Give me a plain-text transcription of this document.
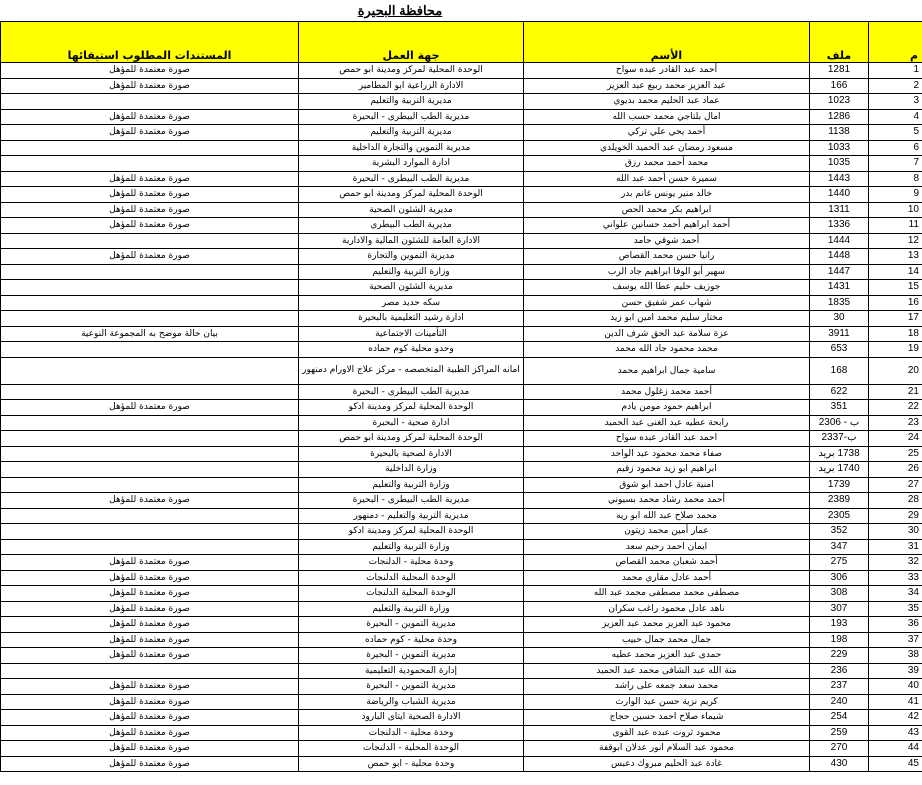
محافظة البحيرة
م	ملف	الأسم	جهة العمل	المستندات المطلوب استيفائها
1	1281	أحمد عبد القادر عبده سواح	الوحدة المحلية لمركز ومدينة ابو حمص	صورة معتمدة للمؤهل
2	166	عبد العزيز محمد ربيع عبد العزيز	الادارة الزراعية ابو المطامير	صورة معتمدة للمؤهل
3	1023	عماد عبد الحليم محمد بديوي	مديرية التربية والتعليم	
4	1286	امال بلتاجي محمد حسب الله	مديرية الطب البيطرى - البحيرة	صورة معتمدة للمؤهل
5	1138	أحمد يحي علي تركي	مديرية التربية والتعليم	صورة معتمدة للمؤهل
6	1033	مسعود رمضان عبد الحميد الخويلدي	مديرية التموين والتجارة الداخلية	
7	1035	محمد أحمد محمد رزق	ادارة الموارد البشرية	
8	1443	سميرة حسن أحمد عبد الله	مديرية الطب البيطرى - البحيرة	صورة معتمدة للمؤهل
9	1440	خالد منير يونس غانم بدر	الوحدة المحلية لمركز ومدينة ابو حمص	صورة معتمدة للمؤهل
10	1311	ابراهيم بكر محمد الحص	مديرية الشئون الصحية	صورة معتمدة للمؤهل
11	1336	أحمد ابراهيم أحمد حسانين علواني	مديرية الطب البيطري	صورة معتمدة للمؤهل
12	1444	أحمد شوقي حامد	الادارة العامة للشئون المالية والادارية	
13	1448	رانيا حسن محمد القصاص	مديرية التموين والتجارة	صورة معتمدة للمؤهل
14	1447	سهير أبو الوفا ابراهيم جاد الرب	وزارة التربية والتعليم	
15	1431	جوزيف حليم عطا الله يوسف	مديرية الشئون الصحية	
16	1835	شهاب عمر شفيق حسن	سكه حديد مصر	
17	30	مختار سليم محمد امين ابو زيد	ادارة رشيد التعليمية بالبحيرة	
18	3911	عزة سلامة عبد الحق شرف الدين	التأمينات الاجتماعية	بيان حالة موضح به المجموعة النوعية
19	653	محمد محمود جاد الله محمد	وحدو محلية كوم حماده	
20	168	سامية جمال ابراهيم محمد	امانه المراكز الطبية المتخصصه - مركز علاج الاورام دمنهور	
21	622	أحمد محمد زغلول محمد	مديرية الطب البيطرى - البحيرة	
22	351	ابراهيم حمود مومن يادم	الوحدة المحلية لمركز ومدينة ادكو	صورة معتمدة للمؤهل
23	ب - 2306	رابحة عطيه عبد الغنى عبد الحميد	ادارة صحية - البحيرة	
24	ب-2337	احمد عبد القادر عبده سواح	الوحدة المحلية لمركز ومدينة ابو حمص	
25	1738 بريد	صفاء محمد محمود عبد الواحد	الادارة لصحية بالبحيرة	
26	1740 بريد	ابراهيم ابو زيد محمود زقيم	وزارة الداخلية	
27	1739	امنية عادل احمد ابو شوق	وزارة التربية والتعليم	
28	2389	أحمد محمد رشاد محمد بسيوني	مديرية الطب البيطرى - البحيرة	صورة معتمدة للمؤهل
29	2305	محمد صلاح عبد الله ابو ريه	مديرية التربية والتعليم - دمنهور	
30	352	عمار أمين محمد زيتون	الوحدة المحلية لمركز ومدينة ادكو	
31	347	ايمان احمد رحيم سعد	وزارة التربية والتعليم	
32	275	أحمد شعبان محمد القصاص	وحدة محلية - الدلنجات	صورة معتمدة للمؤهل
33	306	أحمد عادل مقاري محمد	الوحدة المحلية الدلنجات	صورة معتمدة للمؤهل
34	308	مصطفى محمد مصطفى محمد عبد الله	الوحدة المحلية الدلنجات	صورة معتمدة للمؤهل
35	307	ناهد عادل محمود راغب سكران	وزارة التربية والتعليم	صورة معتمدة للمؤهل
36	193	محمود عبد العزيز محمد عبد العزيز	مديرية التموين - البحيرة	صورة معتمدة للمؤهل
37	198	جمال محمد جمال حبيب	وحدة محلية - كوم حماده	صورة معتمدة للمؤهل
38	229	حمدى عبد العزيز محمد عطيه	مديرية التموين - البحيرة	صورة معتمدة للمؤهل
39	236	منة الله عبد الشافى محمد عبد الحميد	إدارة المحمودية التعليمية	
40	237	محمد سعد جمعه على راشد	مديرية التموين - البحيرة	صورة معتمدة للمؤهل
41	240	كريم نزية حسن عبد الوارث	مديرية الشباب والرياضة	صورة معتمدة للمؤهل
42	254	شيماء صلاح احمد حسين حجاج	الادارة الصحية ايتاى البارود	صورة معتمدة للمؤهل
43	259	محمود ثروت عبده عبد القوى	وحدة محلية - الدلنجات	صورة معتمدة للمؤهل
44	270	محمود عبد السلام انور عدلان ابوقفة	الوحدة المحلية - الدلنجات	صورة معتمدة للمؤهل
45	430	غادة عبد الحليم مبروك دعبس	وحدة محلية - ابو حمص	صورة معتمدة للمؤهل
